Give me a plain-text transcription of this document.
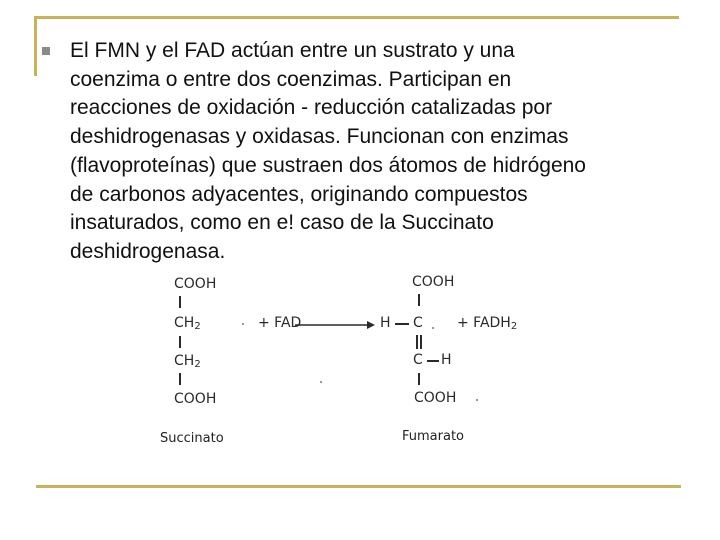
El FMN y el FAD actúan entre un sustrato y una
coenzima o entre dos coenzimas. Participan en
reacciones de oxidación - reducción catalizadas por
deshidrogenasas y oxidasas. Funcionan con enzimas
(flavoproteínas) que sustraen dos átomos de hidrógeno
de carbonos adyacentes, originando compuestos
insaturados, como en e! caso de la Succinato
deshidrogenasa.

COOH
$CH_2$
$CH_2$
COOH
Succinato
+ FAD
COOH
H C
C H
COOH
Fumarato
+ $FADH_2$
